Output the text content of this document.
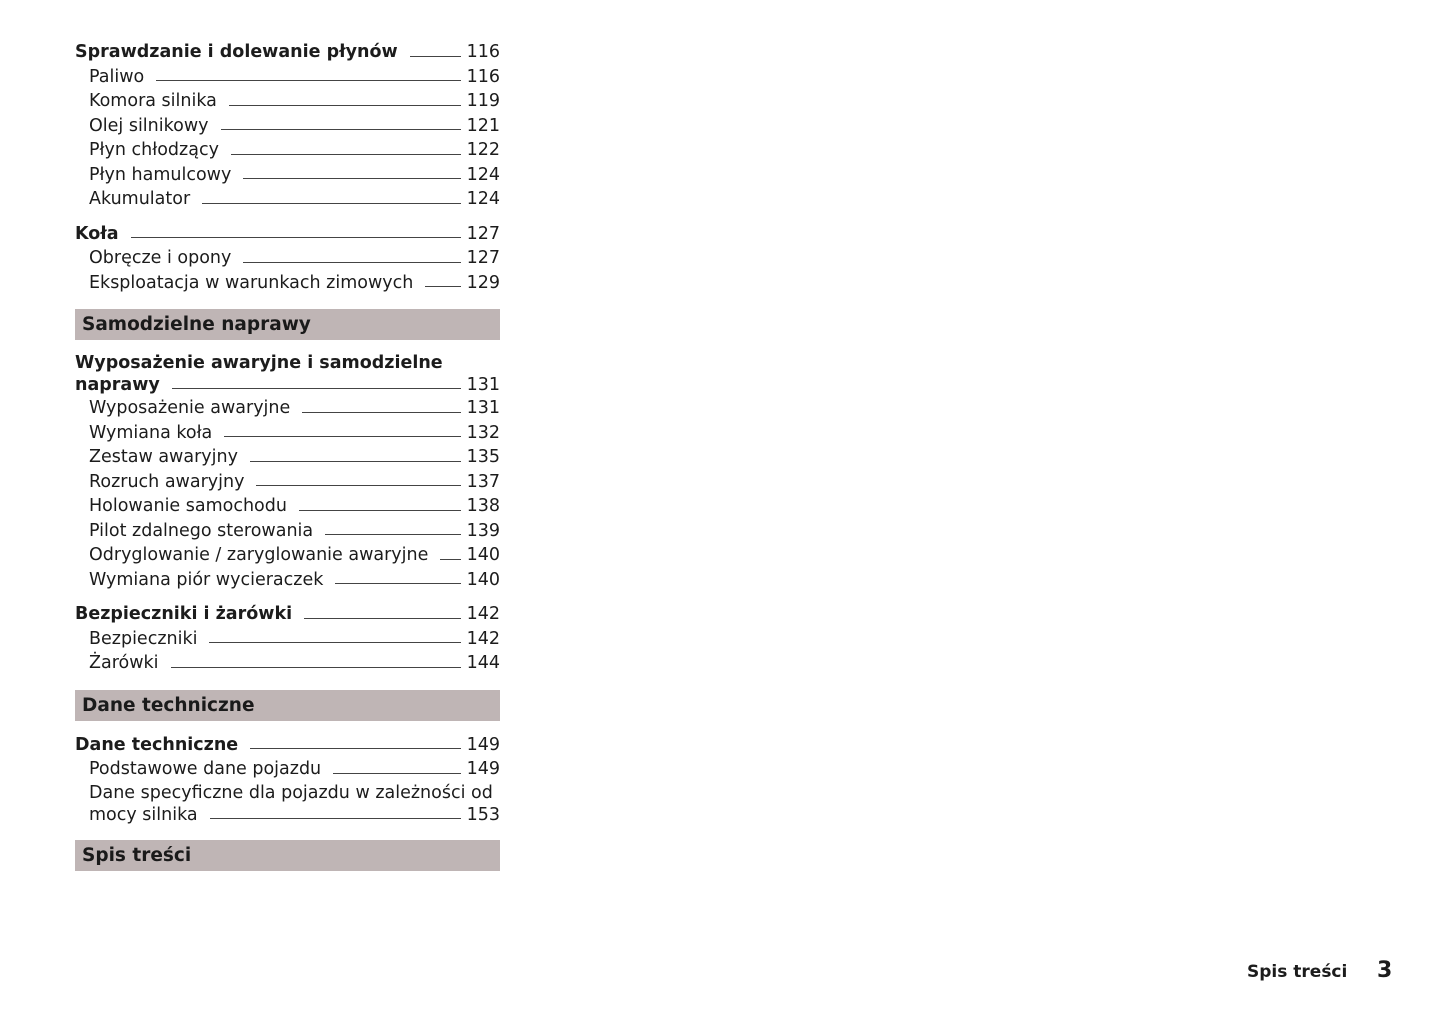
Sprawdzanie i dolewanie płynów	116
Paliwo	116
Komora silnika	119
Olej silnikowy	121
Płyn chłodzący	122
Płyn hamulcowy	124
Akumulator	124
Koła	127
Obręcze i opony	127
Eksploatacja w warunkach zimowych	129
Samodzielne naprawy
Wyposażenie awaryjne i samodzielne
naprawy	131
Wyposażenie awaryjne	131
Wymiana koła	132
Zestaw awaryjny	135
Rozruch awaryjny	137
Holowanie samochodu	138
Pilot zdalnego sterowania	139
Odryglowanie / zaryglowanie awaryjne 140
Wymiana piór wycieraczek	140
Bezpieczniki i żarówki	142
Bezpieczniki	142
Żarówki	144
Dane techniczne
Dane techniczne	149
Podstawowe dane pojazdu	149
Dane specyficzne dla pojazdu w zależności od
mocy silnika	153
Spis treści
Spis treści 3
